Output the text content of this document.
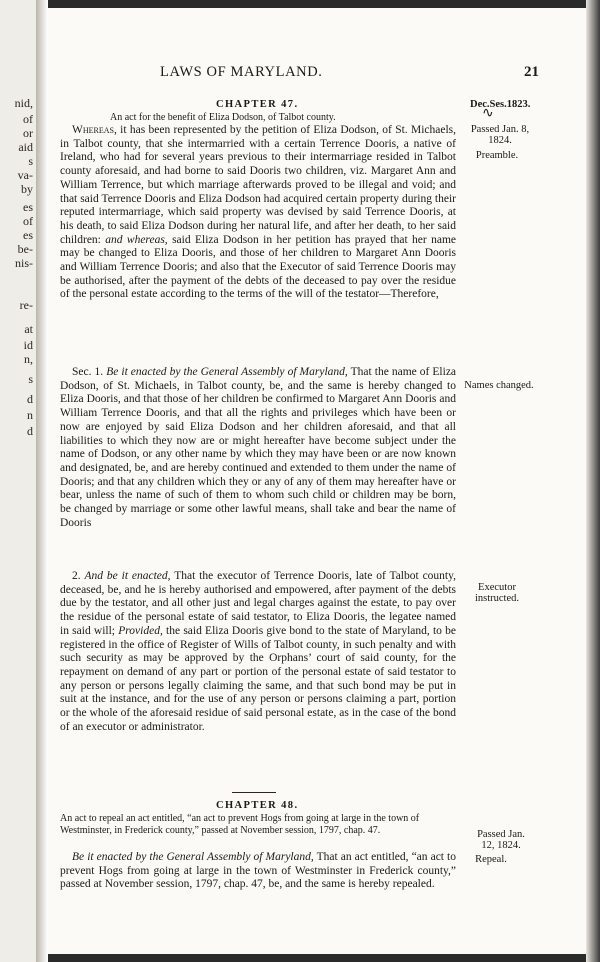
nid,
of
or
aid
s
va-
by
es
of
es
be-
nis-
re-
at
id
n,
s
d
n
d
LAWS OF MARYLAND.	21
Dec.Ses.1823.
∿
CHAPTER 47.
An act for the benefit of Eliza Dodson, of Talbot county.
Passed Jan. 8, 1824.
Preamble.

Whereas, it has been represented by the petition of Eliza Dodson, of St. Michaels, in Talbot county, that she intermarried with a certain Terrence Dooris, a native of Ireland, who had for several years previous to their intermarriage resided in Talbot county aforesaid, and had borne to said Dooris two children, viz. Margaret Ann and William Terrence, but which marriage afterwards proved to be illegal and void; and that said Terrence Dooris and Eliza Dodson had acquired certain property during their reputed intermarriage, which said property was devised by said Terrence Dooris, at his death, to said Eliza Dodson during her natural life, and after her death, to her said children: and whereas, said Eliza Dodson in her petition has prayed that her name may be changed to Eliza Dooris, and those of her children to Margaret Ann Dooris and William Terrence Dooris; and also that the Executor of said Terrence Dooris may be authorised, after the payment of the debts of the deceased to pay over the residue of the personal estate according to the terms of the will of the testator—Therefore,

Names changed.

Sec. 1. Be it enacted by the General Assembly of Maryland, That the name of Eliza Dodson, of St. Michaels, in Talbot county, be, and the same is hereby changed to Eliza Dooris, and that those of her children be confirmed to Margaret Ann Dooris and William Terrence Dooris, and that all the rights and privileges which have been or now are enjoyed by said Eliza Dodson and her children aforesaid, and that all liabilities to which they now are or might hereafter have become subject under the name of Dodson, or any other name by which they may have been or are now known and designated, be, and are hereby continued and extended to them under the name of Dooris; and that any children which they or any of any of them may hereafter have or bear, unless the name of such of them to whom such child or children may be born, be changed by marriage or some other lawful means, shall take and bear the name of Dooris

Executor instructed.

2. And be it enacted, That the executor of Terrence Dooris, late of Talbot county, deceased, be, and he is hereby authorised and empowered, after payment of the debts due by the testator, and all other just and legal charges against the estate, to pay over the residue of the personal estate of said testator, to Eliza Dooris, the legatee named in said will; Provided, the said Eliza Dooris give bond to the state of Maryland, to be registered in the office of Register of Wills of Talbot county, in such penalty and with such security as may be approved by the Orphans’ court of said county, for the repayment on demand of any part or portion of the personal estate of said testator to any person or persons legally claiming the same, and that such bond may be put in suit at the instance, and for the use of any person or persons claiming a part, portion or the whole of the aforesaid residue of said personal estate, as in the case of the bond of an executor or administrator.

CHAPTER 48.
An act to repeal an act entitled, “an act to prevent Hogs from going at large in the town of Westminster, in Frederick county,” passed at November session, 1797, chap. 47.	Passed Jan. 12, 1824.
Repeal.

Be it enacted by the General Assembly of Maryland, That an act entitled, “an act to prevent Hogs from going at large in the town of Westminster in Frederick county,” passed at November session, 1797, chap. 47, be, and the same is hereby repealed.
